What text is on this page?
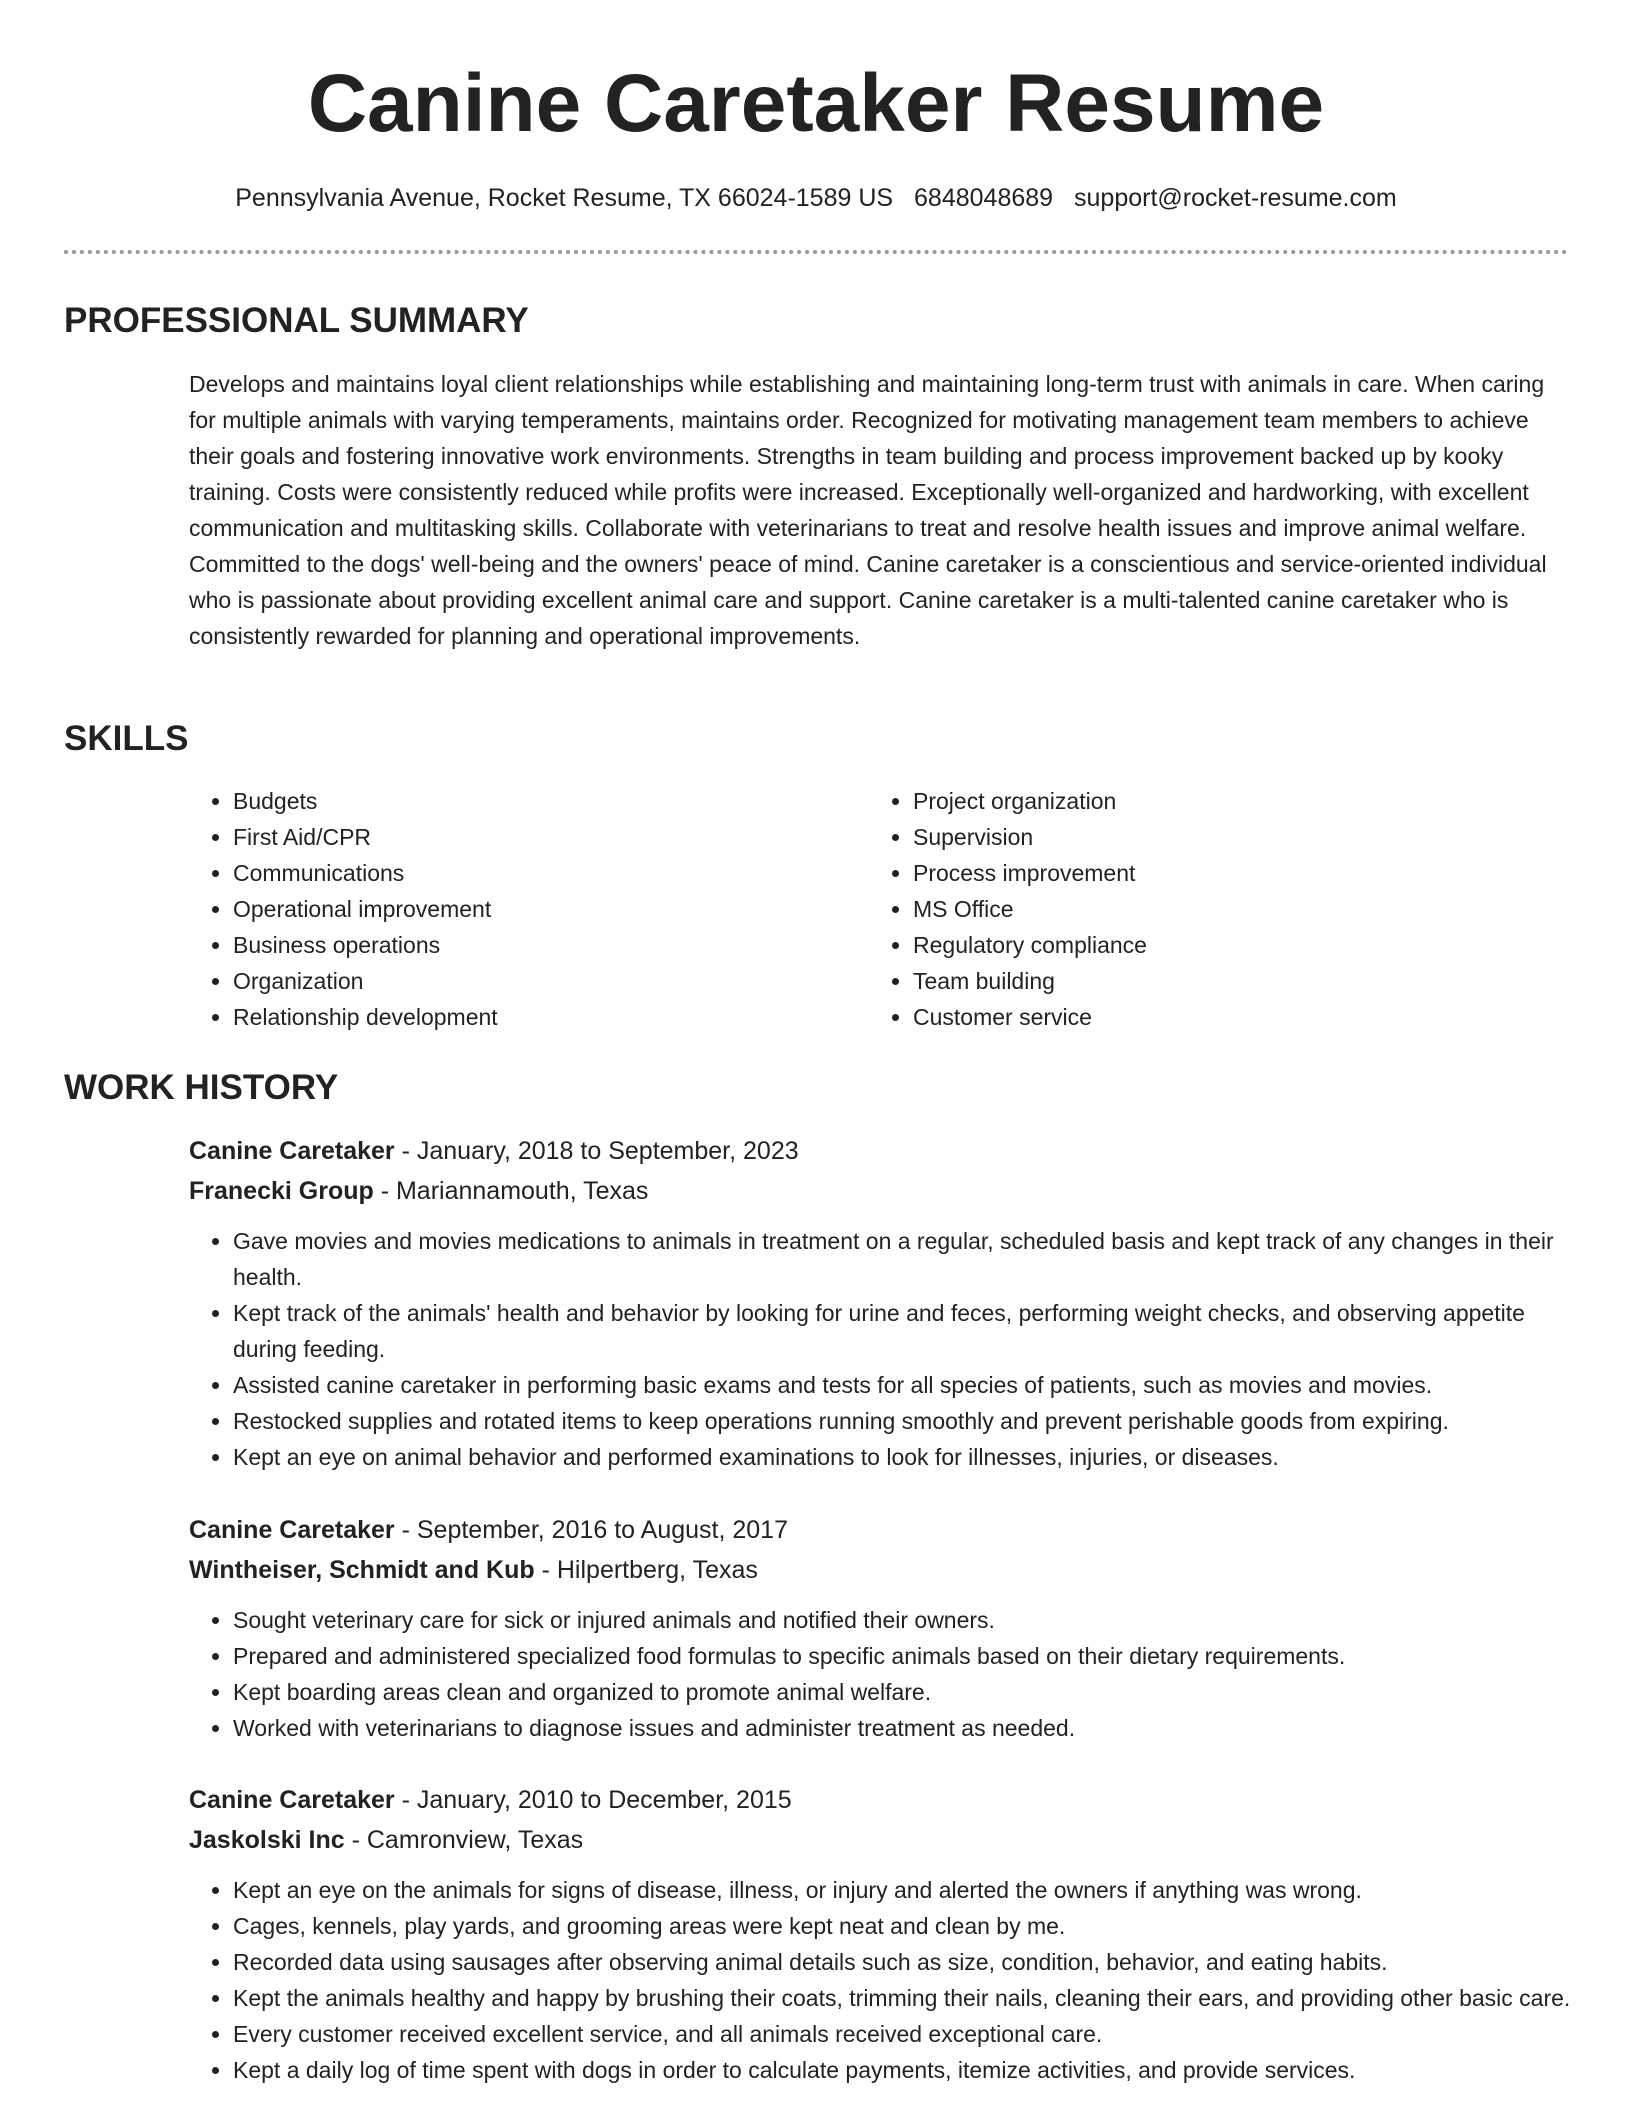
Canine Caretaker Resume
Pennsylvania Avenue, Rocket Resume, TX 66024-1589 US 6848048689 support@rocket-resume.com
PROFESSIONAL SUMMARY

Develops and maintains loyal client relationships while establishing and maintaining long-term trust with animals in care. When caring for multiple animals with varying temperaments, maintains order. Recognized for motivating management team members to achieve their goals and fostering innovative work environments. Strengths in team building and process improvement backed up by kooky training. Costs were consistently reduced while profits were increased. Exceptionally well-organized and hardworking, with excellent communication and multitasking skills. Collaborate with veterinarians to treat and resolve health issues and improve animal welfare. Committed to the dogs' well-being and the owners' peace of mind. Canine caretaker is a conscientious and service-oriented individual who is passionate about providing excellent animal care and support. Canine caretaker is a multi-talented canine caretaker who is consistently rewarded for planning and operational improvements.

SKILLS
• Budgets
• First Aid/CPR
• Communications
• Operational improvement
• Business operations
• Organization
• Relationship development
• Project organization
• Supervision
• Process improvement
• MS Office
• Regulatory compliance
• Team building
• Customer service
WORK HISTORY

Canine Caretaker - January, 2018 to September, 2023

Franecki Group - Mariannamouth, Texas

• Gave movies and movies medications to animals in treatment on a regular, scheduled basis and kept track of any changes in their health.
• Kept track of the animals' health and behavior by looking for urine and feces, performing weight checks, and observing appetite during feeding.
• Assisted canine caretaker in performing basic exams and tests for all species of patients, such as movies and movies.
• Restocked supplies and rotated items to keep operations running smoothly and prevent perishable goods from expiring.
• Kept an eye on animal behavior and performed examinations to look for illnesses, injuries, or diseases.

Canine Caretaker - September, 2016 to August, 2017

Wintheiser, Schmidt and Kub - Hilpertberg, Texas

• Sought veterinary care for sick or injured animals and notified their owners.
• Prepared and administered specialized food formulas to specific animals based on their dietary requirements.
• Kept boarding areas clean and organized to promote animal welfare.
• Worked with veterinarians to diagnose issues and administer treatment as needed.

Canine Caretaker - January, 2010 to December, 2015

Jaskolski Inc - Camronview, Texas

• Kept an eye on the animals for signs of disease, illness, or injury and alerted the owners if anything was wrong.
• Cages, kennels, play yards, and grooming areas were kept neat and clean by me.
• Recorded data using sausages after observing animal details such as size, condition, behavior, and eating habits.
• Kept the animals healthy and happy by brushing their coats, trimming their nails, cleaning their ears, and providing other basic care.
• Every customer received excellent service, and all animals received exceptional care.
• Kept a daily log of time spent with dogs in order to calculate payments, itemize activities, and provide services.
